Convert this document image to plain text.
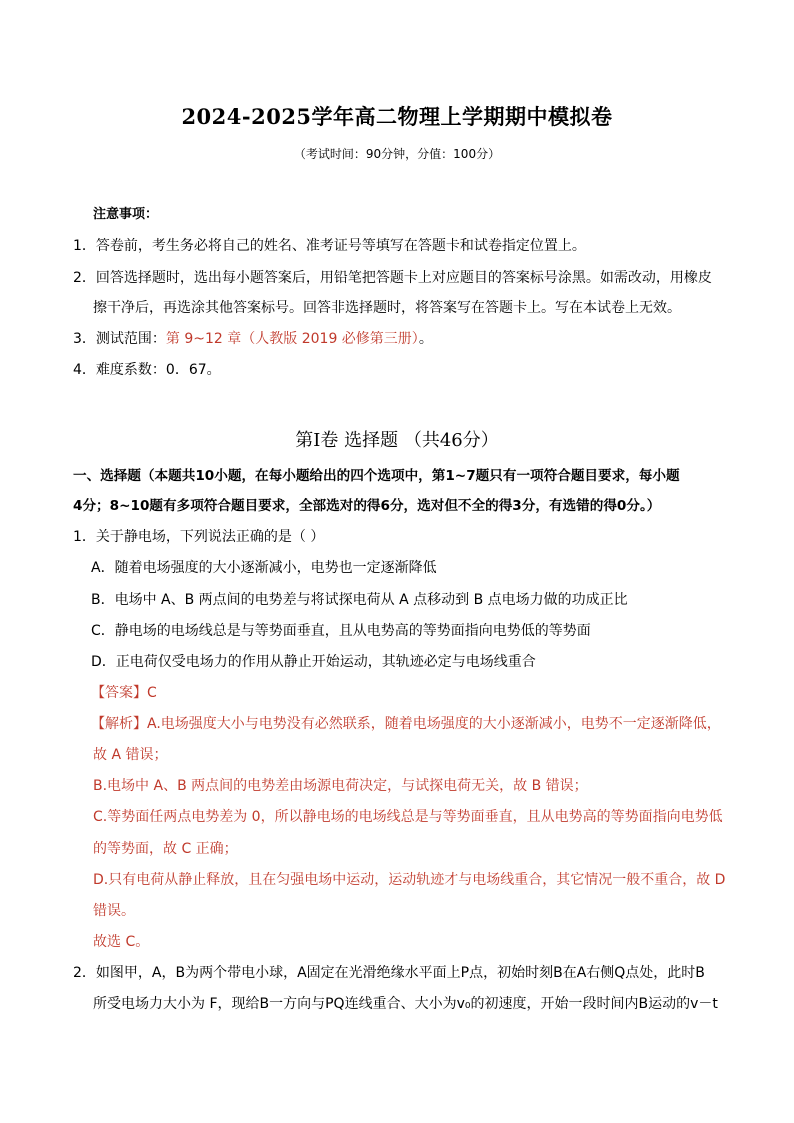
2024-2025学年高二物理上学期期中模拟卷
（考试时间：90分钟，分值：100分）
注意事项：
1．答卷前，考生务必将自己的姓名、准考证号等填写在答题卡和试卷指定位置上。
2．回答选择题时，选出每小题答案后，用铅笔把答题卡上对应题目的答案标号涂黑。如需改动，用橡皮
擦干净后，再选涂其他答案标号。回答非选择题时，将答案写在答题卡上。写在本试卷上无效。
3．测试范围：第 9~12 章（人教版 2019 必修第三册）。
4．难度系数：0．67。
第Ⅰ卷 选择题 （共46分）
一、选择题（本题共10小题，在每小题给出的四个选项中，第1~7题只有一项符合题目要求，每小题
4分；8~10题有多项符合题目要求，全部选对的得6分，选对但不全的得3分，有选错的得0分。）
1．关于静电场，下列说法正确的是（ ）
A．随着电场强度的大小逐渐减小，电势也一定逐渐降低
B．电场中 A、B 两点间的电势差与将试探电荷从 A 点移动到 B 点电场力做的功成正比
C．静电场的电场线总是与等势面垂直，且从电势高的等势面指向电势低的等势面
D．正电荷仅受电场力的作用从静止开始运动，其轨迹必定与电场线重合
【答案】C
【解析】A.电场强度大小与电势没有必然联系，随着电场强度的大小逐渐减小，电势不一定逐渐降低，
故 A 错误；
B.电场中 A、B 两点间的电势差由场源电荷决定，与试探电荷无关，故 B 错误；
C.等势面任两点电势差为 0，所以静电场的电场线总是与等势面垂直，且从电势高的等势面指向电势低
的等势面，故 C 正确；
D.只有电荷从静止释放，且在匀强电场中运动，运动轨迹才与电场线重合，其它情况一般不重合，故 D
错误。
故选 C。
2．如图甲，A，B为两个带电小球，A固定在光滑绝缘水平面上P点，初始时刻B在A右侧Q点处，此时B
所受电场力大小为 F，现给B一方向与PQ连线重合、大小为v₀的初速度，开始一段时间内B运动的v－t
